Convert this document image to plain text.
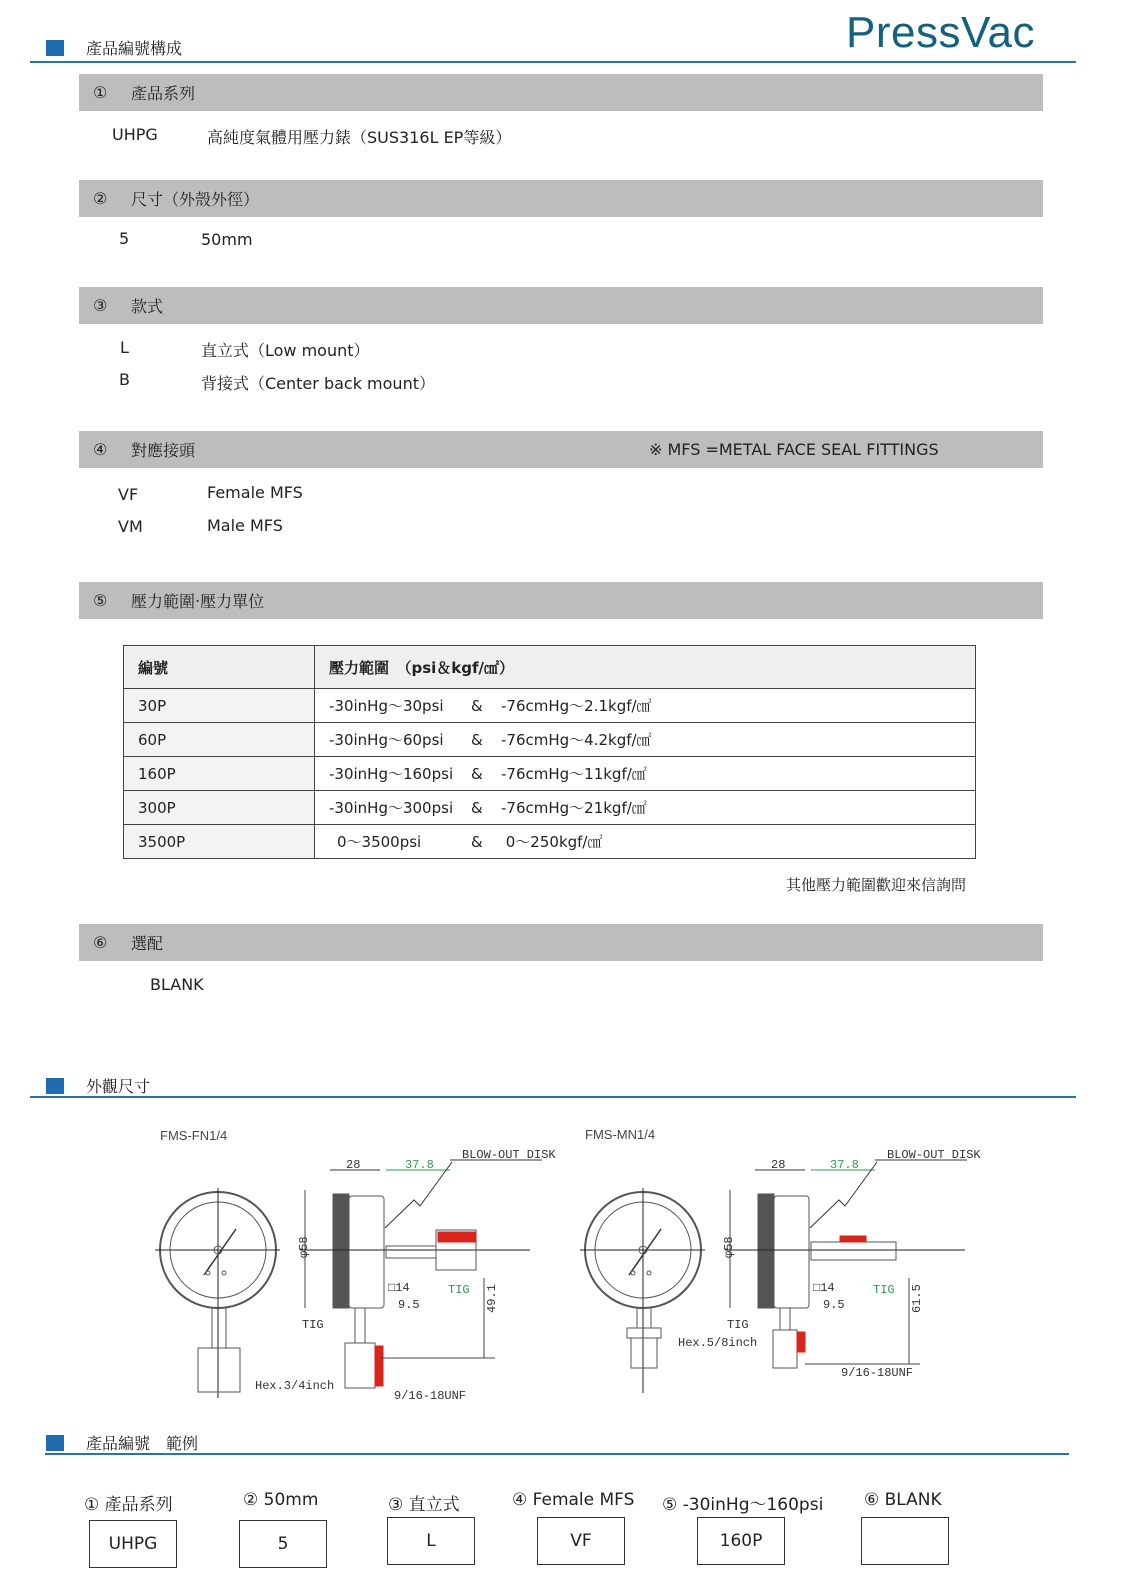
PressVac
產品編號構成
①	產品系列
UHPG	高純度氣體用壓力錶（SUS316L EP等級）
②	尺寸（外殼外徑）
5	50mm
③	款式
L	直立式（Low mount）
B	背接式（Center back mount）
④	對應接頭	※ MFS =METAL FACE SEAL FITTINGS
VF	Female MFS
VM	Male MFS
⑤	壓力範圍‧壓力單位
編號	壓力範圍　（psi＆kgf/㎠）
30P	-30inHg～30psi & -76cmHg～2.1kgf/㎠
60P	-30inHg～60psi & -76cmHg～4.2kgf/㎠
160P	-30inHg～160psi & -76cmHg～11kgf/㎠
300P	-30inHg～300psi & -76cmHg～21kgf/㎠
3500P	0～3500psi & 0～250kgf/㎠
其他壓力範圍歡迎來信詢問
⑥	選配
BLANK
外觀尺寸
FMS-FN1/4
28	37.8
BLOW-OUT DISK
φ58
□14
9.5
TIG
TIG 49.1
Hex.3/4inch
9/16-18UNF
FMS-MN1/4
28	37.8
BLOW-OUT DISK
φ58
□14
9.5
TIG
TIG 61.5
Hex.5/8inch
9/16-18UNF
產品編號　範例
① 產品系列
UHPG
② 50mm
5
③ 直立式
L
④ Female MFS
VF
⑤ -30inHg～160psi
160P
⑥ BLANK
